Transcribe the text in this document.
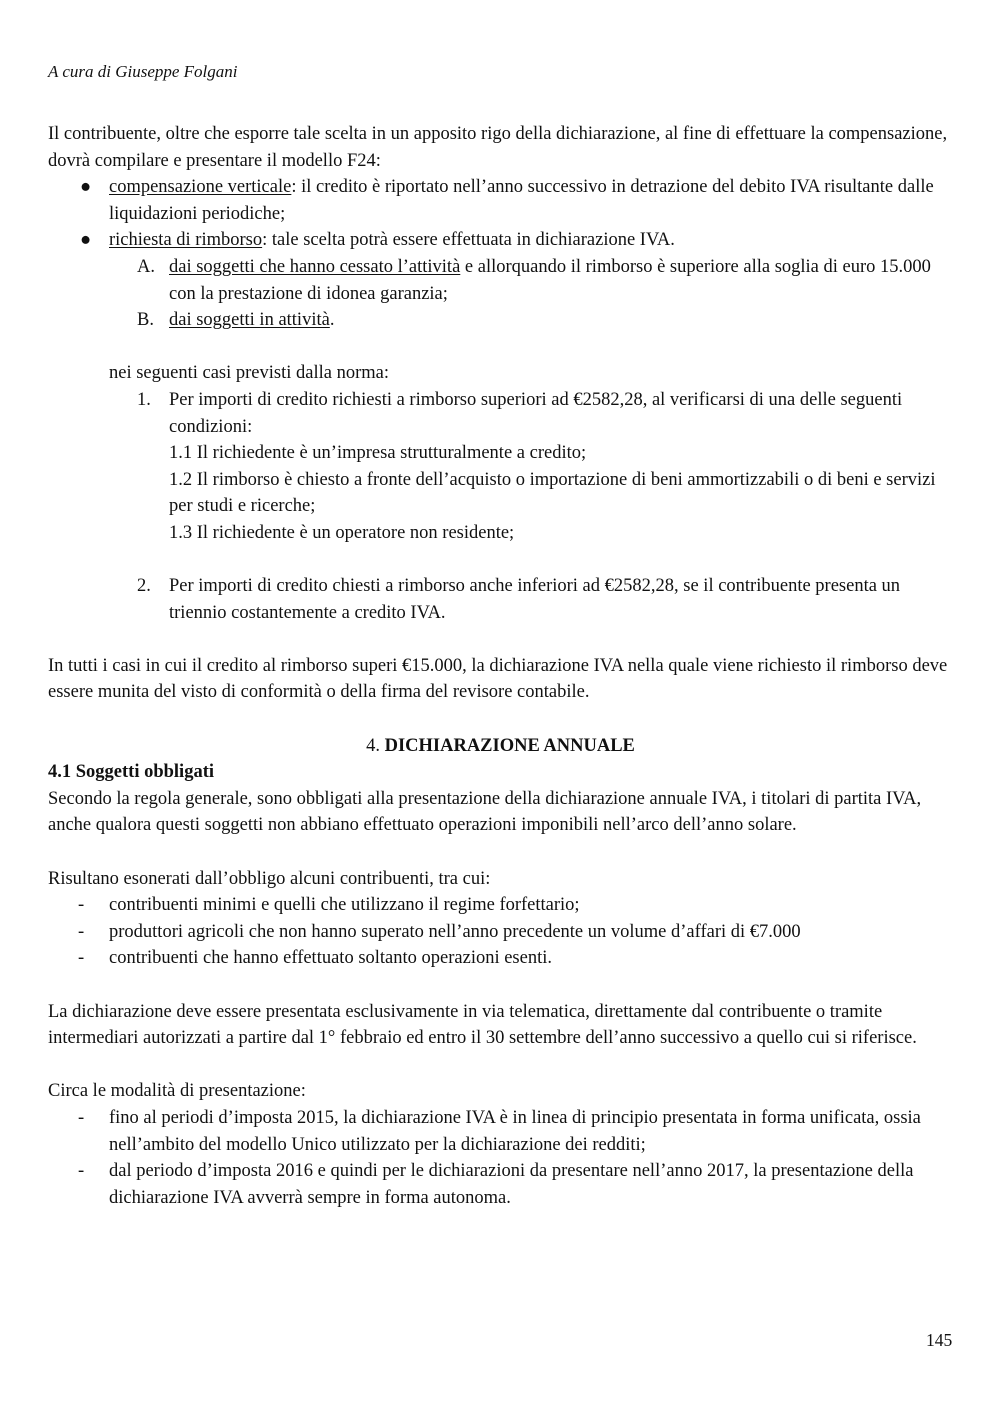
A cura di Giuseppe Folgani

Il contribuente, oltre che esporre tale scelta in un apposito rigo della dichiarazione, al fine di effettuare la compensazione, dovrà compilare e presentare il modello F24:

● compensazione verticale: il credito è riportato nell’anno successivo in detrazione del debito IVA risultante dalle liquidazioni periodiche;
● richiesta di rimborso: tale scelta potrà essere effettuata in dichiarazione IVA.
A. dai soggetti che hanno cessato l’attività e allorquando il rimborso è superiore alla soglia di euro 15.000 con la prestazione di idonea garanzia;
B. dai soggetti in attività.

nei seguenti casi previsti dalla norma:

1. Per importi di credito richiesti a rimborso superiori ad €2582,28, al verificarsi di una delle seguenti condizioni:
1.1 Il richiedente è un’impresa strutturalmente a credito;
1.2 Il rimborso è chiesto a fronte dell’acquisto o importazione di beni ammortizzabili o di beni e servizi per studi e ricerche;
1.3 Il richiedente è un operatore non residente;
2. Per importi di credito chiesti a rimborso anche inferiori ad €2582,28, se il contribuente presenta un triennio costantemente a credito IVA.

In tutti i casi in cui il credito al rimborso superi €15.000, la dichiarazione IVA nella quale viene richiesto il rimborso deve essere munita del visto di conformità o della firma del revisore contabile.

4. DICHIARAZIONE ANNUALE

4.1 Soggetti obbligati

Secondo la regola generale, sono obbligati alla presentazione della dichiarazione annuale IVA, i titolari di partita IVA, anche qualora questi soggetti non abbiano effettuato operazioni imponibili nell’arco dell’anno solare.

Risultano esonerati dall’obbligo alcuni contribuenti, tra cui:

- contribuenti minimi e quelli che utilizzano il regime forfettario;
- produttori agricoli che non hanno superato nell’anno precedente un volume d’affari di €7.000
- contribuenti che hanno effettuato soltanto operazioni esenti.

La dichiarazione deve essere presentata esclusivamente in via telematica, direttamente dal contribuente o tramite intermediari autorizzati a partire dal 1° febbraio ed entro il 30 settembre dell’anno successivo a quello cui si riferisce.

Circa le modalità di presentazione:

- fino al periodi d’imposta 2015, la dichiarazione IVA è in linea di principio presentata in forma unificata, ossia nell’ambito del modello Unico utilizzato per la dichiarazione dei redditi;
- dal periodo d’imposta 2016 e quindi per le dichiarazioni da presentare nell’anno 2017, la presentazione della dichiarazione IVA avverrà sempre in forma autonoma.
145
